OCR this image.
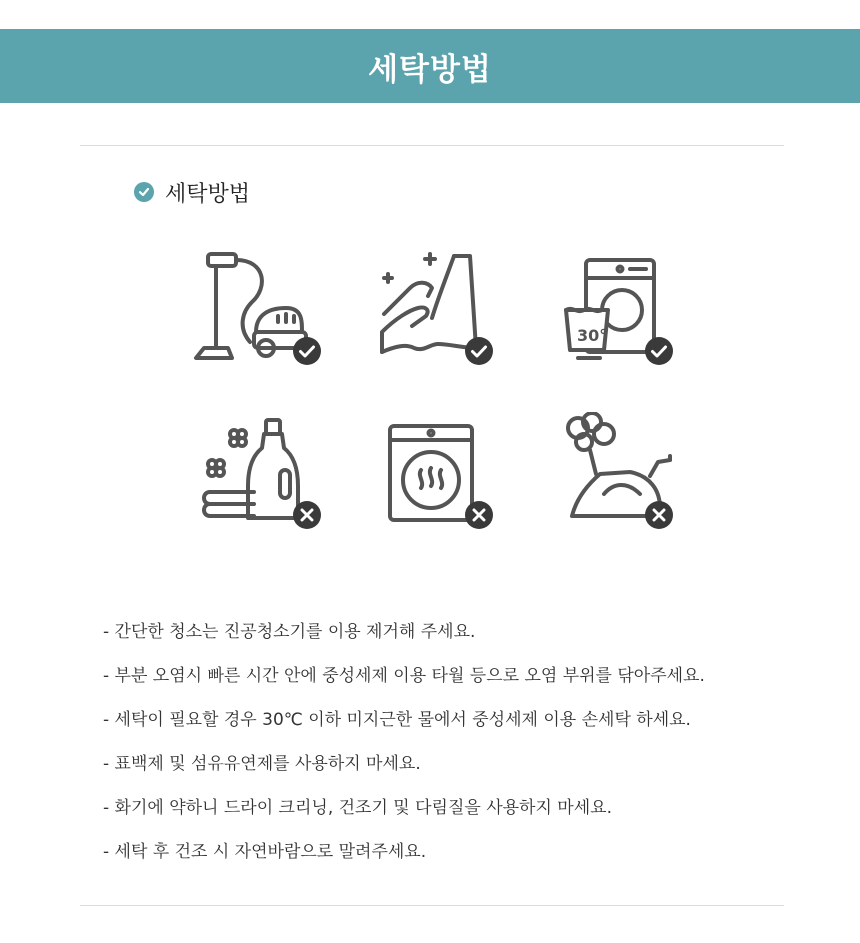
세탁방법
세탁방법
30°
- 간단한 청소는 진공청소기를 이용 제거해 주세요.
- 부분 오염시 빠른 시간 안에 중성세제 이용 타월 등으로 오염 부위를 닦아주세요.
- 세탁이 필요할 경우 30℃ 이하 미지근한 물에서 중성세제 이용 손세탁 하세요.
- 표백제 및 섬유유연제를 사용하지 마세요.
- 화기에 약하니 드라이 크리닝, 건조기 및 다림질을 사용하지 마세요.
- 세탁 후 건조 시 자연바람으로 말려주세요.
